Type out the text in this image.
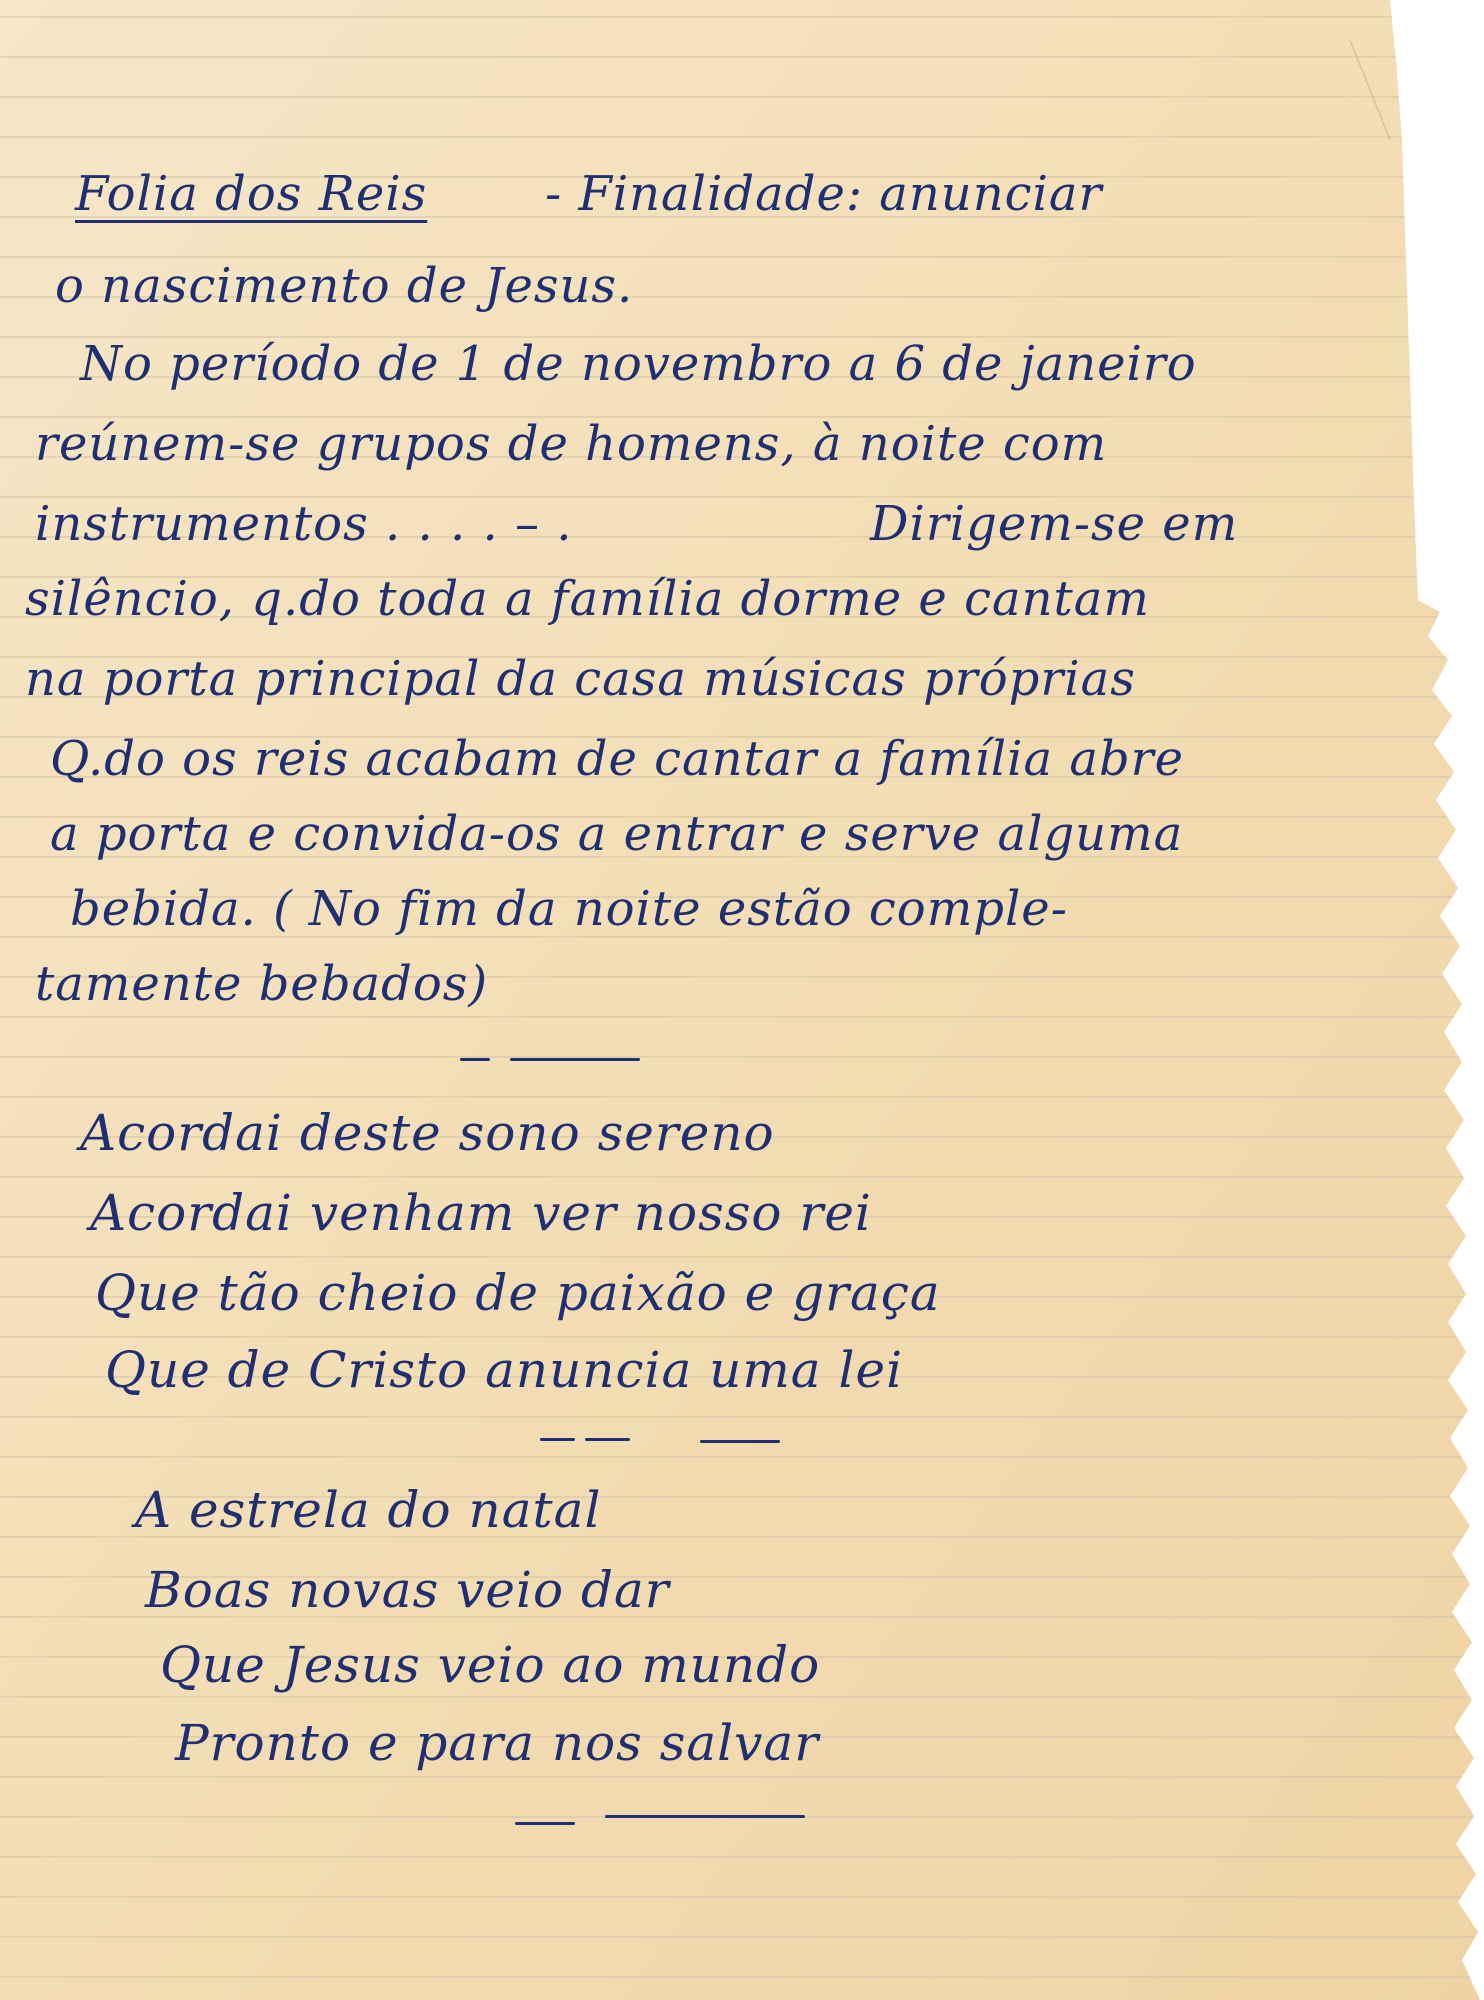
Folia dos Reis - Finalidade: anunciar
o nascimento de Jesus.
No período de 1 de novembro a 6 de janeiro
reúnem-se grupos de homens, à noite com
instrumentos . . . . – .	Dirigem-se em
silêncio, q.do toda a família dorme e cantam
na porta principal da casa músicas próprias
Q.do os reis acabam de cantar a família abre
a porta e convida-os a entrar e serve alguma
bebida. ( No fim da noite estão comple-
tamente bebados)
Acordai deste sono sereno
Acordai venham ver nosso rei
Que tão cheio de paixão e graça
Que de Cristo anuncia uma lei
A estrela do natal
Boas novas veio dar
Que Jesus veio ao mundo
Pronto e para nos salvar
